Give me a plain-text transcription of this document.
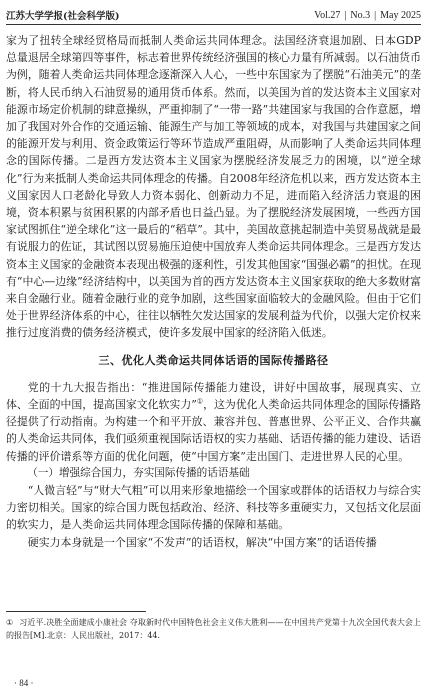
江苏大学学报(社会科学版)	Vol.27 | No.3 | May 2025

家为了扭转全球经贸格局而抵制人类命运共同体理念。法国经济衰退加剧、日本GDP总量退居全球第四等事件，标志着世界传统经济强国的核心力量有所减弱。以石油货币为例，随着人类命运共同体理念逐渐深入人心，一些中东国家为了摆脱“石油美元”的垄断，将人民币纳入石油贸易的通用货币体系。然而，以美国为首的发达资本主义国家对能源市场定价机制的肆意操纵，严重抑制了“一带一路”共建国家与我国的合作意愿，增加了我国对外合作的交通运输、能源生产与加工等领域的成本，对我国与共建国家之间的能源开发与利用、资金政策运行等环节造成严重阻碍，从而影响了人类命运共同体理念的国际传播。二是西方发达资本主义国家为摆脱经济发展乏力的困境，以“逆全球化”行为来抵制人类命运共同体理念的传播。自2008年经济危机以来，西方发达资本主义国家因人口老龄化导致人力资本弱化、创新动力不足，进而陷入经济活力衰退的困境，资本积累与贫困积累的内部矛盾也日益凸显。为了摆脱经济发展困境，一些西方国家试图抓住“逆全球化”这一最后的“稻草”。其中，美国故意挑起制造中美贸易战就是最有说服力的佐证，其试图以贸易施压迫使中国放弃人类命运共同体理念。三是西方发达资本主义国家的金融资本表现出极强的逐利性，引发其他国家“国强必霸”的担忧。在现有“中心—边缘”经济结构中，以美国为首的西方发达资本主义国家获取的绝大多数财富来自金融行业。随着金融行业的竞争加剧，这些国家面临较大的金融风险。但由于它们处于世界经济体系的中心，往往以牺牲欠发达国家的发展利益为代价，以强大定价权来推行过度消费的债务经济模式，使许多发展中国家的经济陷入低迷。

三、优化人类命运共同体话语的国际传播路径

党的十九大报告指出：“推进国际传播能力建设，讲好中国故事，展现真实、立体、全面的中国，提高国家文化软实力”①，这为优化人类命运共同体理念的国际传播路径提供了行动指南。为构建一个和平开放、兼容并包、普惠世界、公平正义、合作共赢的人类命运共同体，我们亟须重视国际话语权的实力基础、话语传播的能力建设、话语传播的评价谱系等方面的优化问题，使“中国方案”走出国门、走进世界人民的心里。

（一）增强综合国力，夯实国际传播的话语基础

“人微言轻”与“财大气粗”可以用来形象地描绘一个国家或群体的话语权力与综合实力密切相关。国家的综合国力既包括政治、经济、科技等多重硬实力，又包括文化层面的软实力，是人类命运共同体理念国际传播的保障和基础。

硬实力本身就是一个国家“不发声”的话语权，解决“中国方案”的话语传播

① 习近平.决胜全面建成小康社会 夺取新时代中国特色社会主义伟大胜利——在中国共产党第十九次全国代表大会上的报告[M].北京：人民出版社，2017：44.
· 84 ·
